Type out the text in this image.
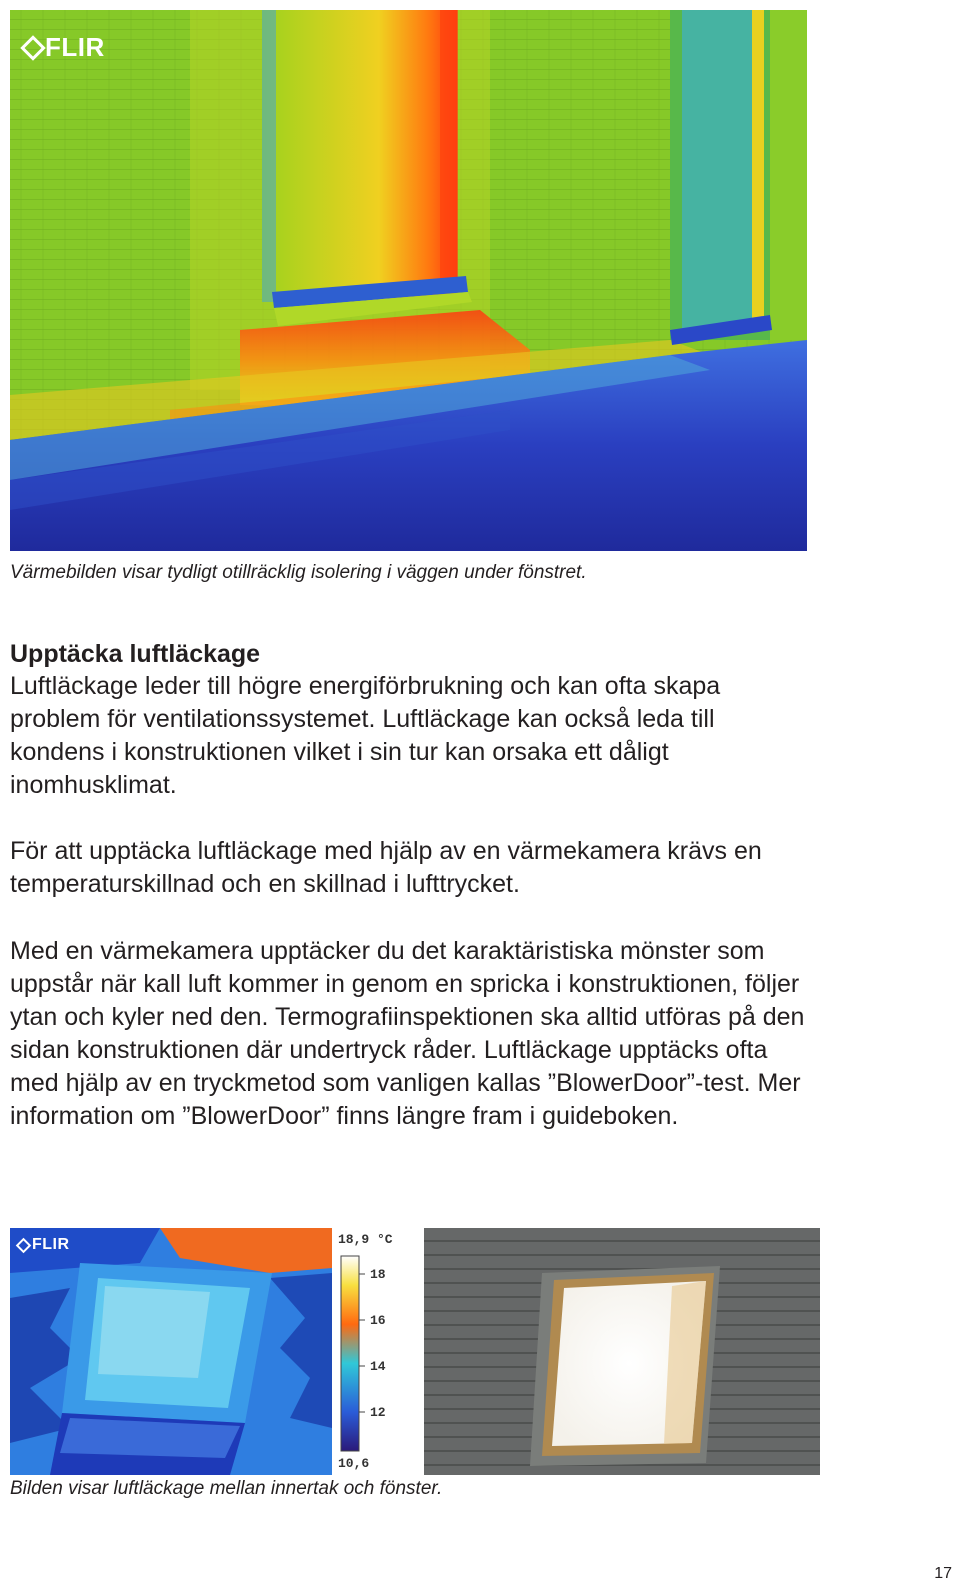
FLIR
Värmebilden visar tydligt otillräcklig isolering i väggen under fönstret.
Upptäcka luftläckage

Luftläckage leder till högre energiförbrukning och kan ofta skapa problem för ventilationssystemet. Luftläckage kan också leda till kondens i konstruktionen vilket i sin tur kan orsaka ett dåligt inomhusklimat.

För att upptäcka luftläckage med hjälp av en värmekamera krävs en temperaturskillnad och en skillnad i lufttrycket.

Med en värmekamera upptäcker du det karaktäristiska mönster som uppstår när kall luft kommer in genom en spricka i konstruktionen, följer ytan och kyler ned den. Termografiinspektionen ska alltid utföras på den sidan konstruktionen där undertryck råder. Luftläckage upptäcks ofta med hjälp av en tryckmetod som vanligen kallas ”BlowerDoor”-test. Mer information om ”BlowerDoor” finns längre fram i guideboken.

FLIR	18,9 °C
18
16
14
12
10,6
Bilden visar luftläckage mellan innertak och fönster.
17
